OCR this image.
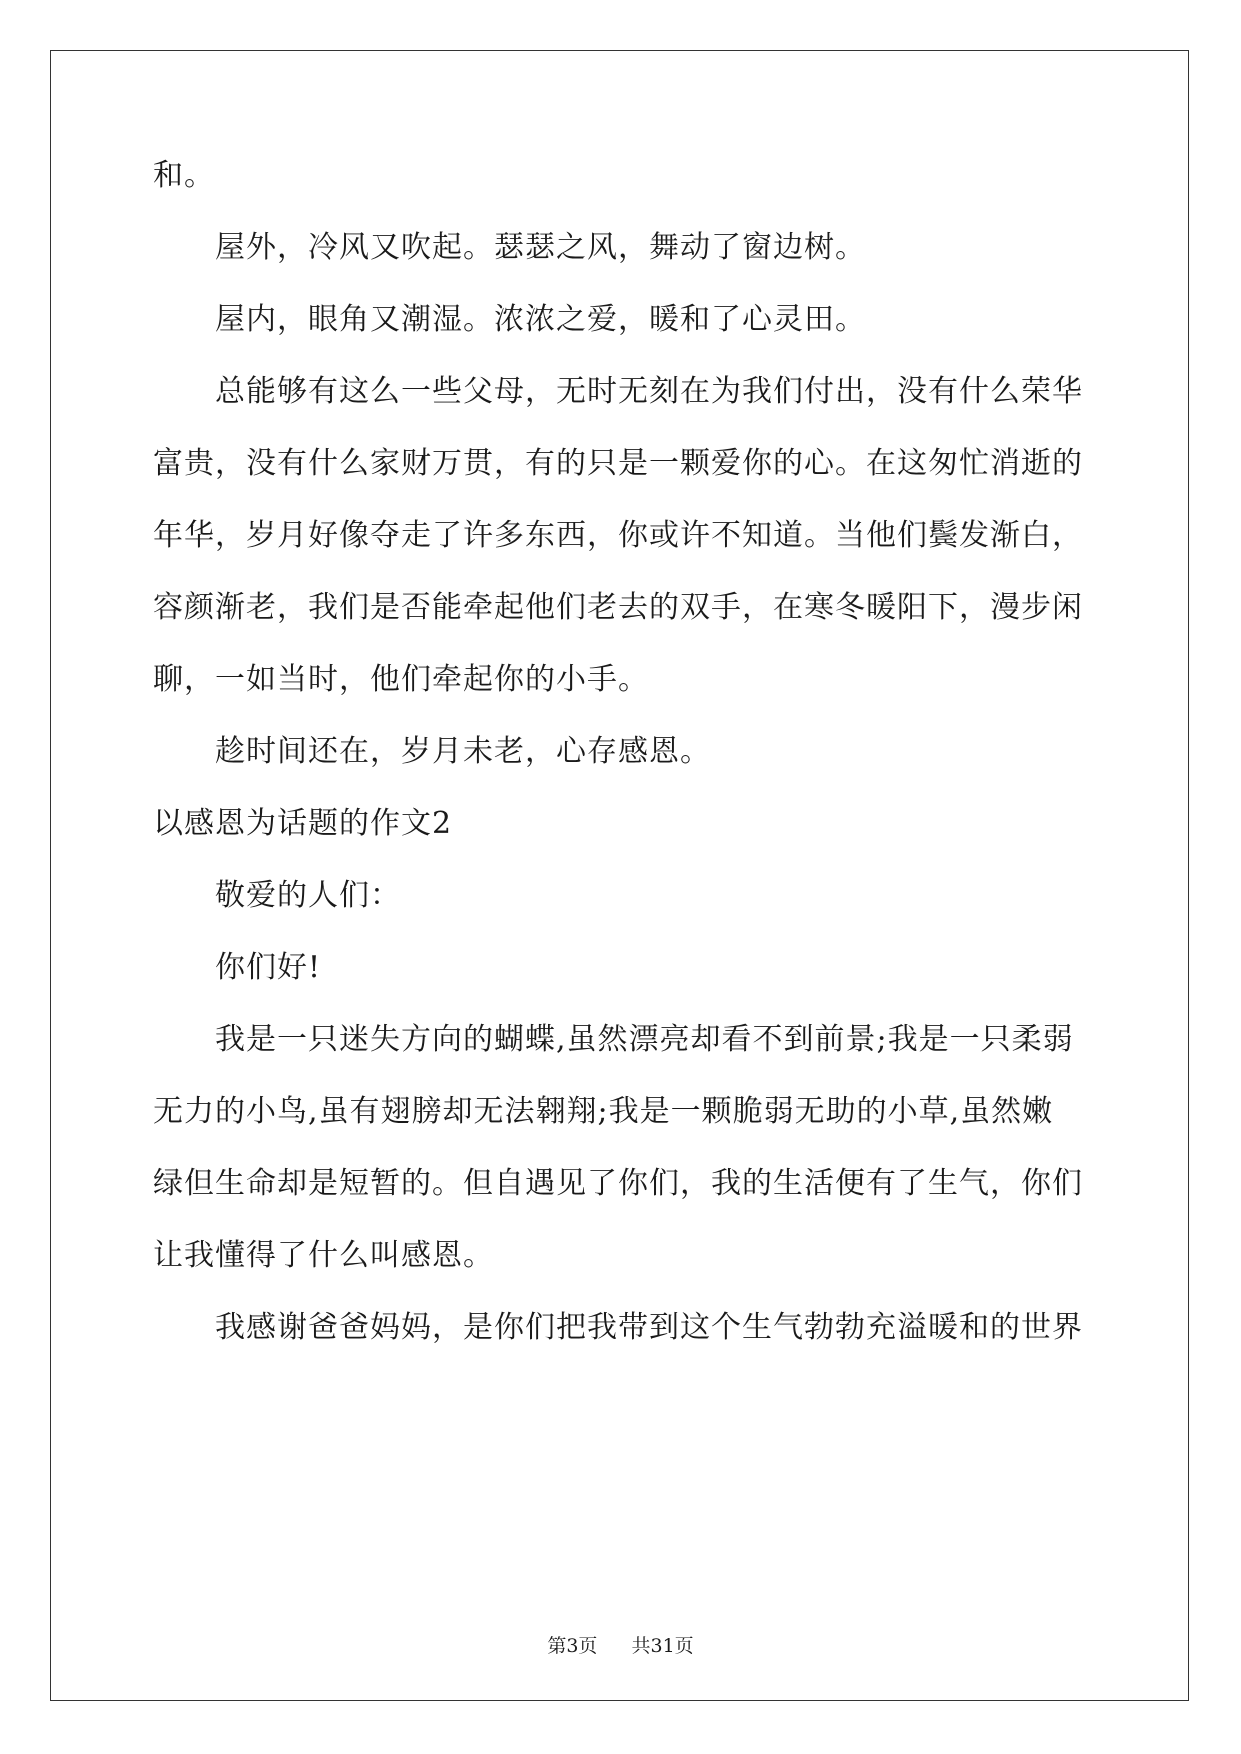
和。
屋外，冷风又吹起。瑟瑟之风，舞动了窗边树。
屋内，眼角又潮湿。浓浓之爱，暖和了心灵田。
总能够有这么一些父母，无时无刻在为我们付出，没有什么荣华
富贵，没有什么家财万贯，有的只是一颗爱你的心。在这匆忙消逝的
年华，岁月好像夺走了许多东西，你或许不知道。当他们鬓发渐白，
容颜渐老，我们是否能牵起他们老去的双手，在寒冬暖阳下，漫步闲
聊，一如当时，他们牵起你的小手。
趁时间还在，岁月未老，心存感恩。
以感恩为话题的作文2
敬爱的人们：
你们好!
我是一只迷失方向的蝴蝶,虽然漂亮却看不到前景;我是一只柔弱
无力的小鸟,虽有翅膀却无法翱翔;我是一颗脆弱无助的小草,虽然嫩
绿但生命却是短暂的。但自遇见了你们，我的生活便有了生气，你们
让我懂得了什么叫感恩。
我感谢爸爸妈妈，是你们把我带到这个生气勃勃充溢暖和的世界
第3页 共31页
